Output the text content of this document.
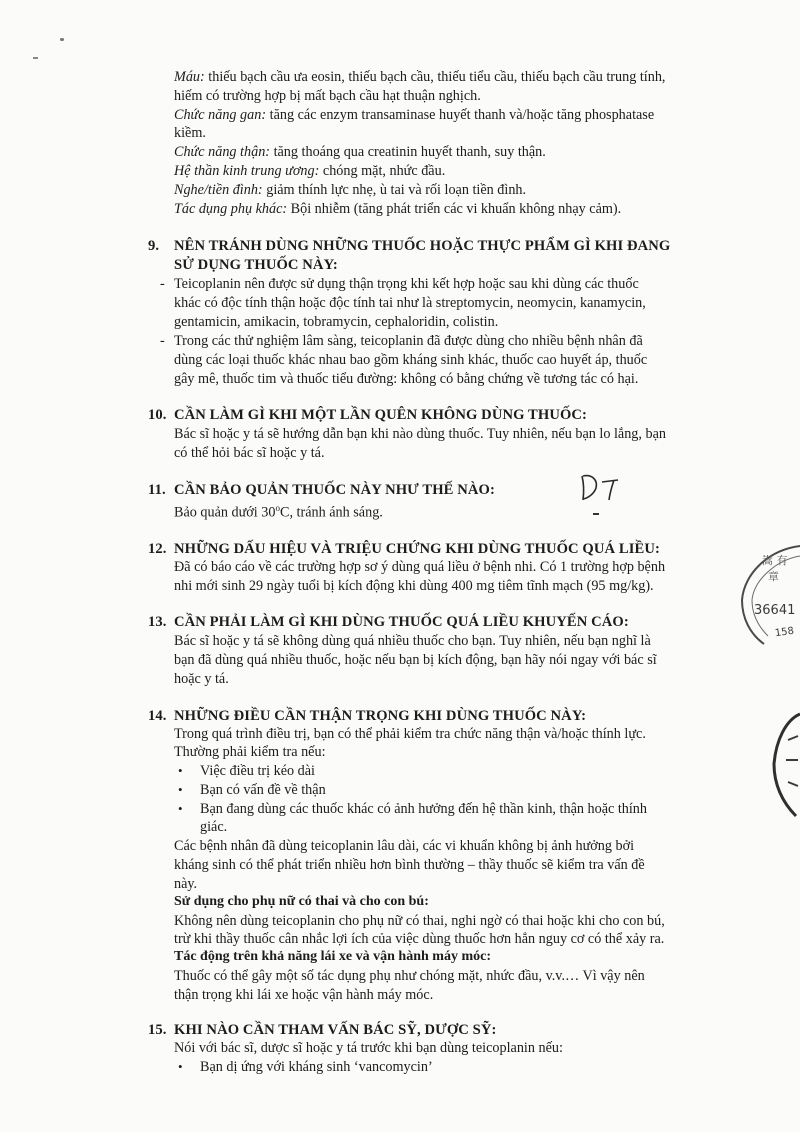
Máu: thiếu bạch cầu ưa eosin, thiếu bạch cầu, thiếu tiểu cầu, thiếu bạch cầu trung tính,
hiếm có trường hợp bị mất bạch cầu hạt thuận nghịch.
Chức năng gan: tăng các enzym transaminase huyết thanh và/hoặc tăng phosphatase
kiềm.
Chức năng thận: tăng thoáng qua creatinin huyết thanh, suy thận.
Hệ thần kinh trung ương: chóng mặt, nhức đầu.
Nghe/tiền đình: giảm thính lực nhẹ, ù tai và rối loạn tiền đình.
Tác dụng phụ khác: Bội nhiễm (tăng phát triển các vi khuẩn không nhạy cảm).
9. NÊN TRÁNH DÙNG NHỮNG THUỐC HOẶC THỰC PHẨM GÌ KHI ĐANG
SỬ DỤNG THUỐC NÀY:
- Teicoplanin nên được sử dụng thận trọng khi kết hợp hoặc sau khi dùng các thuốc
khác có độc tính thận hoặc độc tính tai như là streptomycin, neomycin, kanamycin,
gentamicin, amikacin, tobramycin, cephaloridin, colistin.
- Trong các thử nghiệm lâm sàng, teicoplanin đã được dùng cho nhiều bệnh nhân đã
dùng các loại thuốc khác nhau bao gồm kháng sinh khác, thuốc cao huyết áp, thuốc
gây mê, thuốc tim và thuốc tiểu đường: không có bằng chứng về tương tác có hại.
10. CẦN LÀM GÌ KHI MỘT LẦN QUÊN KHÔNG DÙNG THUỐC:
Bác sĩ hoặc y tá sẽ hướng dẫn bạn khi nào dùng thuốc. Tuy nhiên, nếu bạn lo lắng, bạn
có thể hỏi bác sĩ hoặc y tá.
11. CẦN BẢO QUẢN THUỐC NÀY NHƯ THẾ NÀO:
Bảo quản dưới 30$^o$C, tránh ánh sáng.
12. NHỮNG DẤU HIỆU VÀ TRIỆU CHỨNG KHI DÙNG THUỐC QUÁ LIỀU:
Đã có báo cáo về các trường hợp sơ ý dùng quá liều ở bệnh nhi. Có 1 trường hợp bệnh
nhi mới sinh 29 ngày tuổi bị kích động khi dùng 400 mg tiêm tĩnh mạch (95 mg/kg).
13. CẦN PHẢI LÀM GÌ KHI DÙNG THUỐC QUÁ LIỀU KHUYẾN CÁO:
Bác sĩ hoặc y tá sẽ không dùng quá nhiều thuốc cho bạn. Tuy nhiên, nếu bạn nghĩ là
bạn đã dùng quá nhiều thuốc, hoặc nếu bạn bị kích động, bạn hãy nói ngay với bác sĩ
hoặc y tá.
14. NHỮNG ĐIỀU CẦN THẬN TRỌNG KHI DÙNG THUỐC NÀY:
Trong quá trình điều trị, bạn có thể phải kiểm tra chức năng thận và/hoặc thính lực.
Thường phải kiểm tra nếu:
• Việc điều trị kéo dài
• Bạn có vấn đề về thận
• Bạn đang dùng các thuốc khác có ảnh hưởng đến hệ thần kinh, thận hoặc thính
giác.
Các bệnh nhân đã dùng teicoplanin lâu dài, các vi khuẩn không bị ảnh hưởng bởi
kháng sinh có thể phát triển nhiều hơn bình thường – thầy thuốc sẽ kiểm tra vấn đề
này.
Sử dụng cho phụ nữ có thai và cho con bú:
Không nên dùng teicoplanin cho phụ nữ có thai, nghi ngờ có thai hoặc khi cho con bú,
trừ khi thầy thuốc cân nhắc lợi ích của việc dùng thuốc hơn hẳn nguy cơ có thể xảy ra.
Tác động trên khả năng lái xe và vận hành máy móc:
Thuốc có thể gây một số tác dụng phụ như chóng mặt, nhức đầu, v.v.… Vì vậy nên
thận trọng khi lái xe hoặc vận hành máy móc.
15. KHI NÀO CẦN THAM VẤN BÁC SỸ, DƯỢC SỸ:
Nói với bác sĩ, dược sĩ hoặc y tá trước khi bạn dùng teicoplanin nếu:
• Bạn dị ứng với kháng sinh ‘vancomycin’
嵩 有
章
36641
158
